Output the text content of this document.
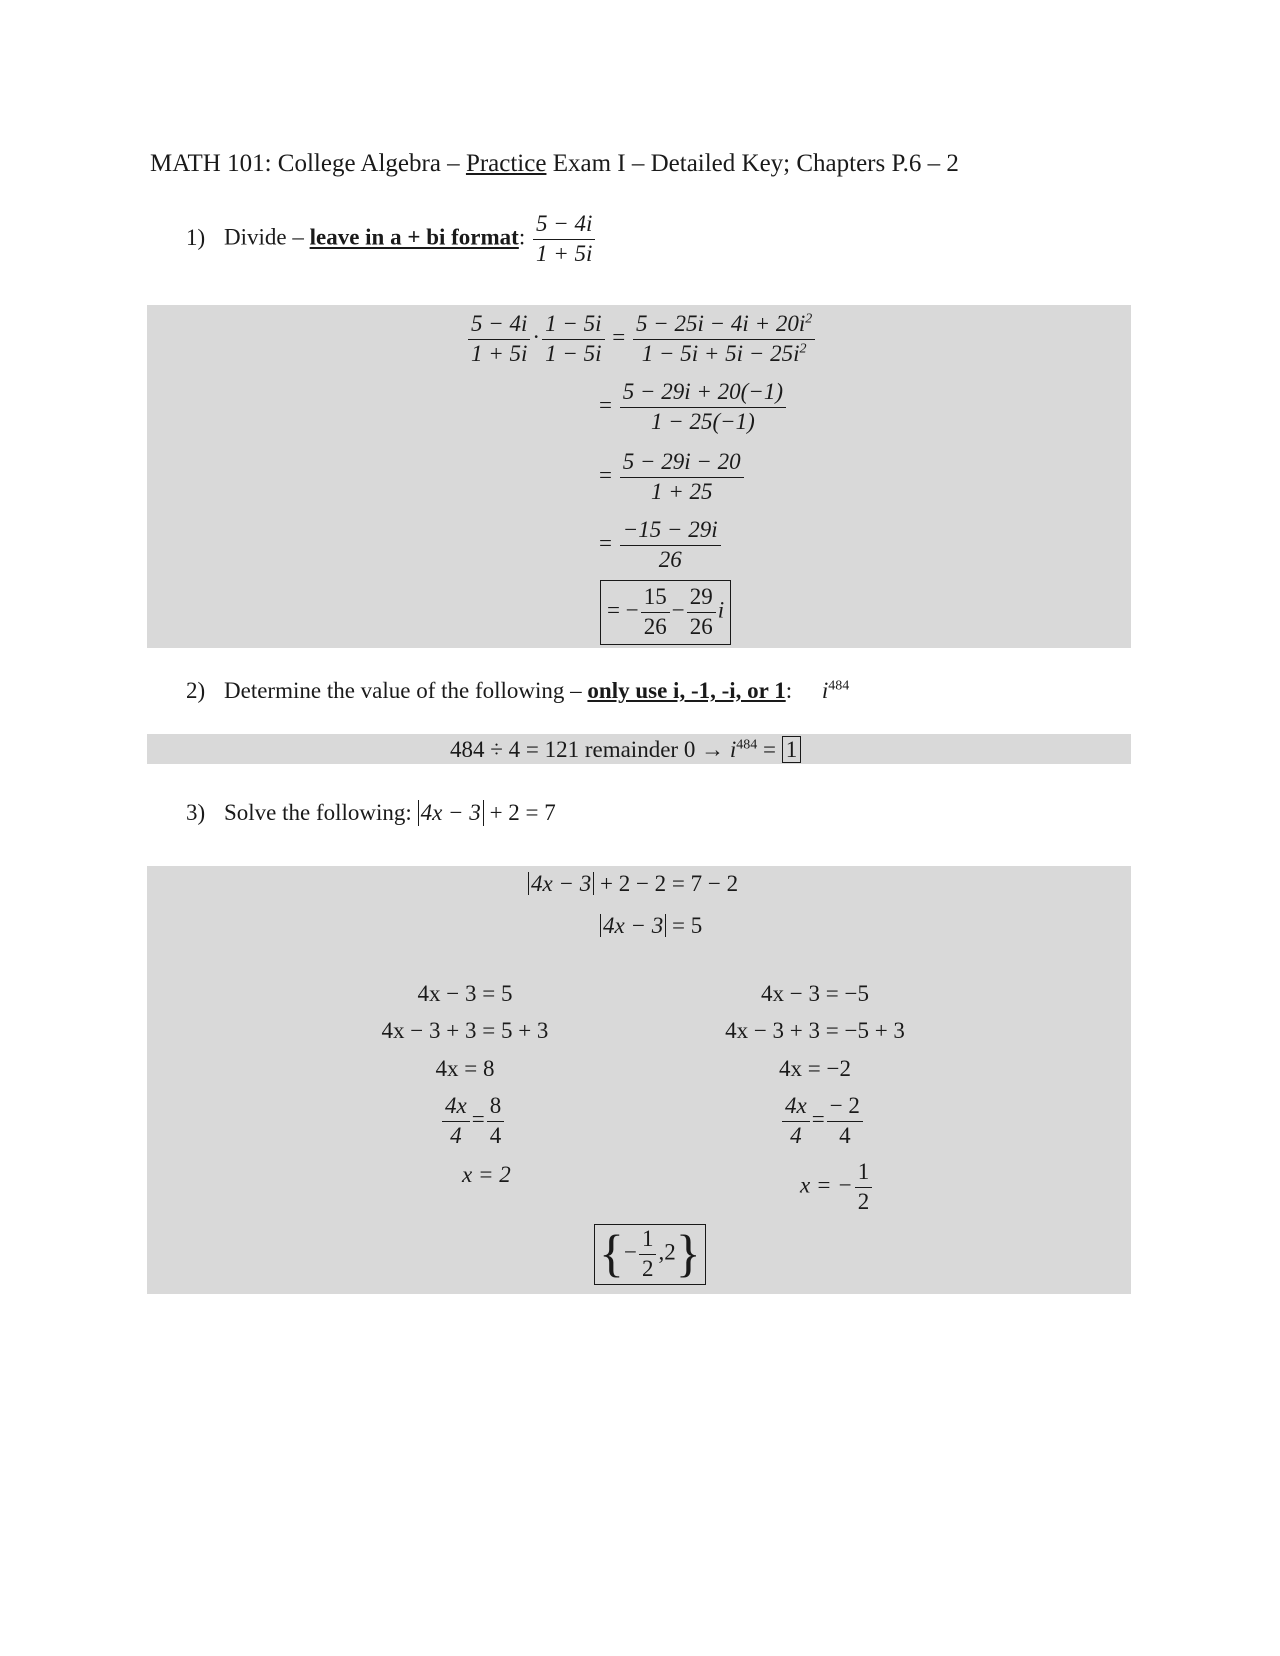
MATH 101: College Algebra – Practice Exam I – Detailed Key; Chapters P.6 – 2
1) Divide – leave in a + bi format: $\frac{5 - 4i}{1 + 5i}$
$\frac{5 - 4i}{1 + 5i} \cdot \frac{1 - 5i}{1 - 5i} = \frac{5 - 25i - 4i + 20i^2}{1 - 5i + 5i - 25i^2}$
= $\frac{5 - 29i + 20(-1)}{1 - 25(-1)}$
= $\frac{5 - 29i - 20}{1 + 25}$
= $\frac{-15 - 29i}{26}$
= − $\frac{15}{26} - \frac{29}{26}$ i
2) Determine the value of the following – only use i, -1, -i, or 1: $i^{484}$
484 ÷ 4 = 121 remainder $0 \to i^{484} = 1$
3) Solve the following: 4x − 3 + 2 = 7
4x − 3 + 2 − 2 = 7 − 2
4x − 3 = 5
4x − 3 = 5
4x − 3 + 3 = 5 + 3
4x = 8
$\frac{4x}{4} = \frac{8}{4}$
x = 2
4x − 3 = −5
4x − 3 + 3 = −5 + 3
4x = −2
$\frac{4x}{4} = \frac{- 2}{4}$
x = − $\frac{1}{2}$
{− $\frac{1}{2} ,2$}
